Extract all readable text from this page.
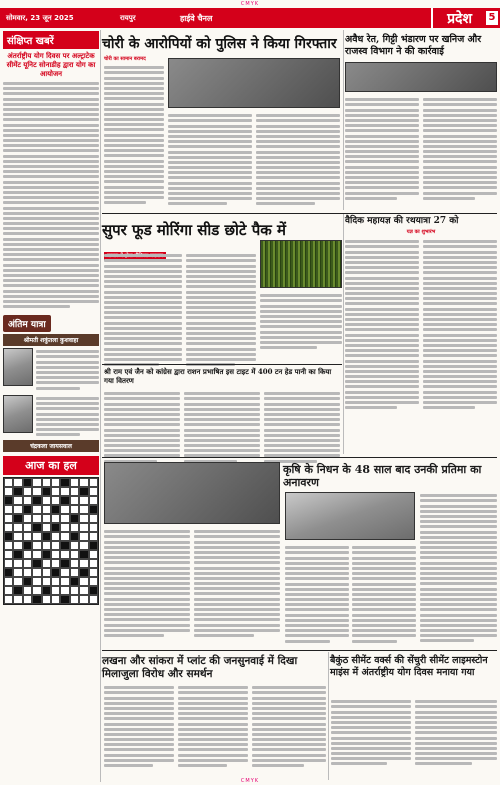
CMYK
सोमवार, 23 जून 2025	रायपुर	हाईवे चैनल	प्रदेश	5
संक्षिप्त खबरें
अंतर्राष्ट्रीय योग दिवस पर अल्ट्राटेक सीमेंट यूनिट सोनाडीह द्वारा योग का आयोजन
अंतिम यात्रा
श्रीमती शकुंतला कुशवाहा
चंद्रकला जायसवाल
आज का हल
चोरी के आरोपियों को पुलिस ने किया गिरफ्तार
चोरी का सामान बरामद
अवैध रेत, गिट्टी भंडारण पर खनिज और राजस्व विभाग ने की कार्रवाई
सुपर फूड मोरिंगा सीड छोटे पैक में	वैदिक महायज्ञ की रथयात्रा 27 को
यज्ञ का शुभारंभ
श्री राम एवं जैन को कांग्रेस द्वारा राशन प्रभाषित इस टाइट में 400 टन हेड पानी का किया गया वितरण
कृषि के निधन के 48 साल बाद उनकी प्रतिमा का अनावरण
लखना और सांकरा में प्लांट की जनसुनवाई में दिखा मिलाजुला विरोध और समर्थन
बैकुंठ सीमेंट वर्क्स की सेंचुरी सीमेंट लाइमस्टोन माइंस में अंतर्राष्ट्रीय योग दिवस मनाया गया
CMYK
